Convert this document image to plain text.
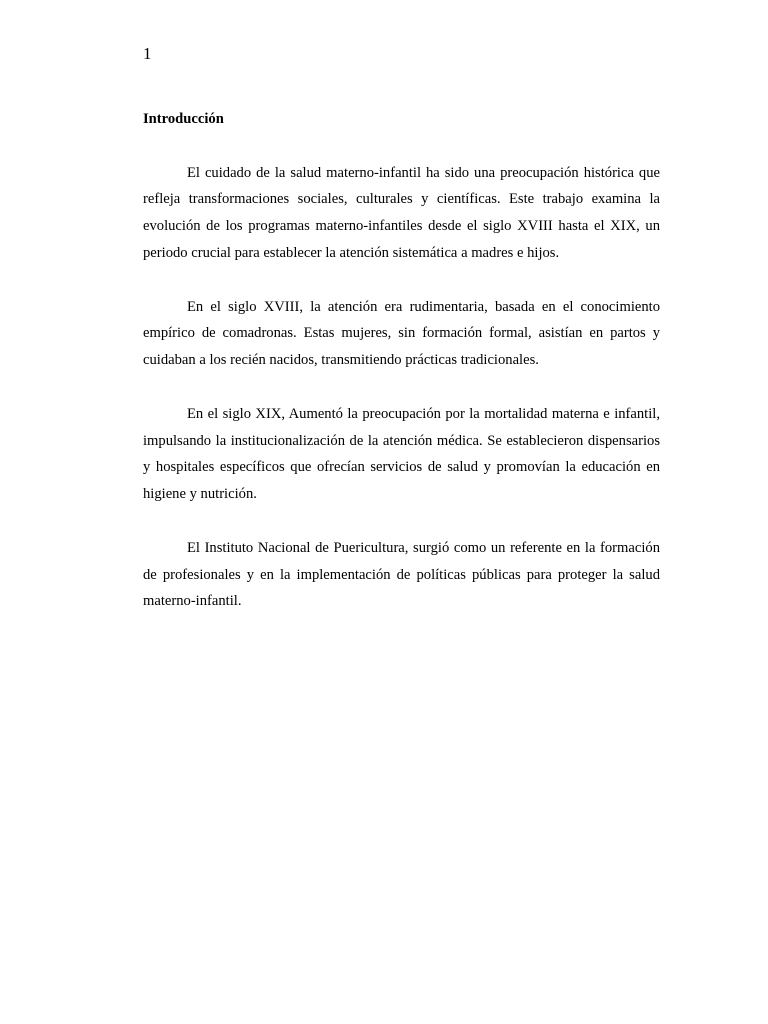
1

Introducción

El cuidado de la salud materno-infantil ha sido una preocupación histórica que refleja transformaciones sociales, culturales y científicas. Este trabajo examina la evolución de los programas materno-infantiles desde el siglo XVIII hasta el XIX, un periodo crucial para establecer la atención sistemática a madres e hijos.

En el siglo XVIII, la atención era rudimentaria, basada en el conocimiento empírico de comadronas. Estas mujeres, sin formación formal, asistían en partos y cuidaban a los recién nacidos, transmitiendo prácticas tradicionales.

En el siglo XIX, Aumentó la preocupación por la mortalidad materna e infantil, impulsando la institucionalización de la atención médica. Se establecieron dispensarios y hospitales específicos que ofrecían servicios de salud y promovían la educación en higiene y nutrición.

El Instituto Nacional de Puericultura, surgió como un referente en la formación de profesionales y en la implementación de políticas públicas para proteger la salud materno-infantil.
